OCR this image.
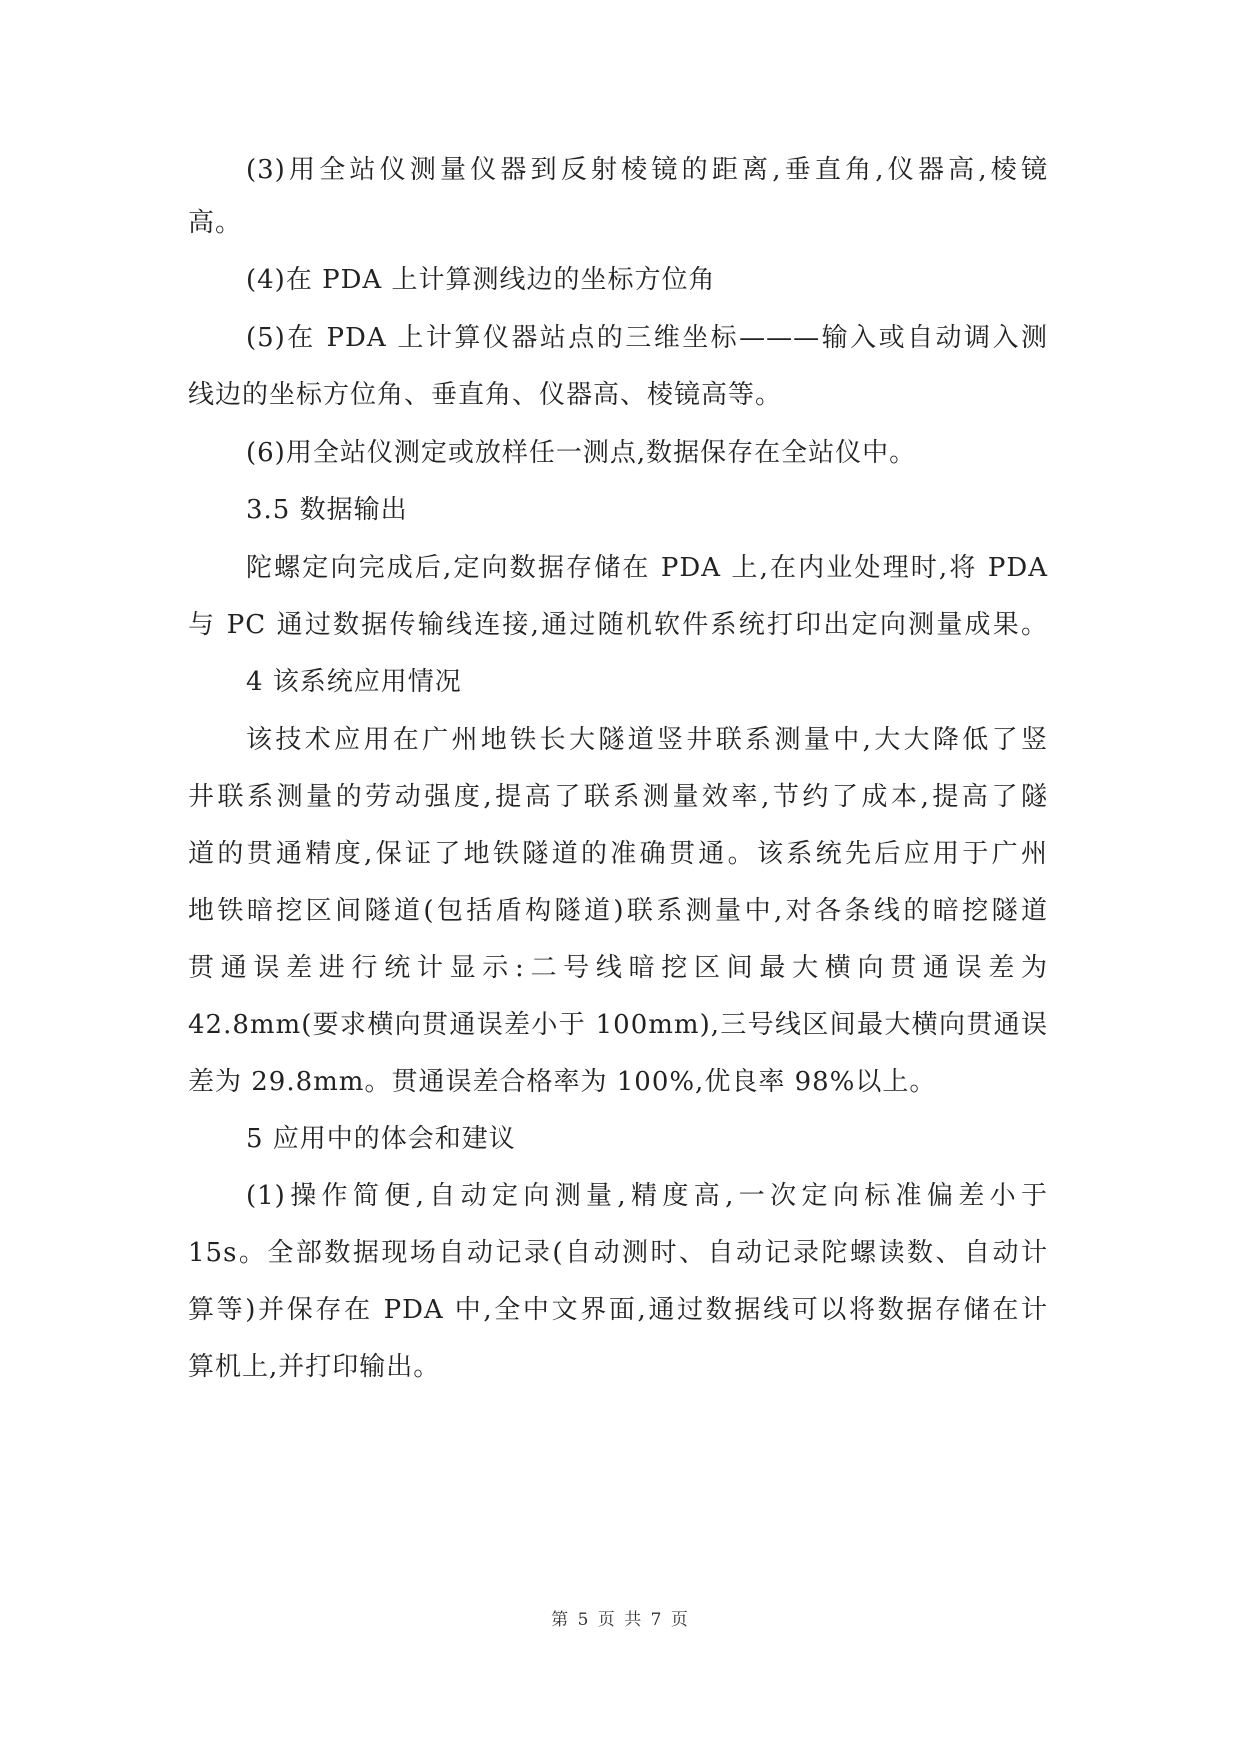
(3)用全站仪测量仪器到反射棱镜的距离,垂直角,仪器高,棱镜
高。
(4)在 PDA 上计算测线边的坐标方位角
(5)在 PDA 上计算仪器站点的三维坐标———输入或自动调入测
线边的坐标方位角、垂直角、仪器高、棱镜高等。
(6)用全站仪测定或放样任一测点,数据保存在全站仪中。
3.5 数据输出
陀螺定向完成后,定向数据存储在 PDA 上,在内业处理时,将 PDA
与 PC 通过数据传输线连接,通过随机软件系统打印出定向测量成果。
4 该系统应用情况
该技术应用在广州地铁长大隧道竖井联系测量中,大大降低了竖
井联系测量的劳动强度,提高了联系测量效率,节约了成本,提高了隧
道的贯通精度,保证了地铁隧道的准确贯通。该系统先后应用于广州
地铁暗挖区间隧道(包括盾构隧道)联系测量中,对各条线的暗挖隧道
贯通误差进行统计显示:二号线暗挖区间最大横向贯通误差为
42.8mm(要求横向贯通误差小于 100mm),三号线区间最大横向贯通误
差为 29.8mm。贯通误差合格率为 100%,优良率 98%以上。
5 应用中的体会和建议
(1)操作简便,自动定向测量,精度高,一次定向标准偏差小于
15s。全部数据现场自动记录(自动测时、自动记录陀螺读数、自动计
算等)并保存在 PDA 中,全中文界面,通过数据线可以将数据存储在计
算机上,并打印输出。
第 5 页 共 7 页
